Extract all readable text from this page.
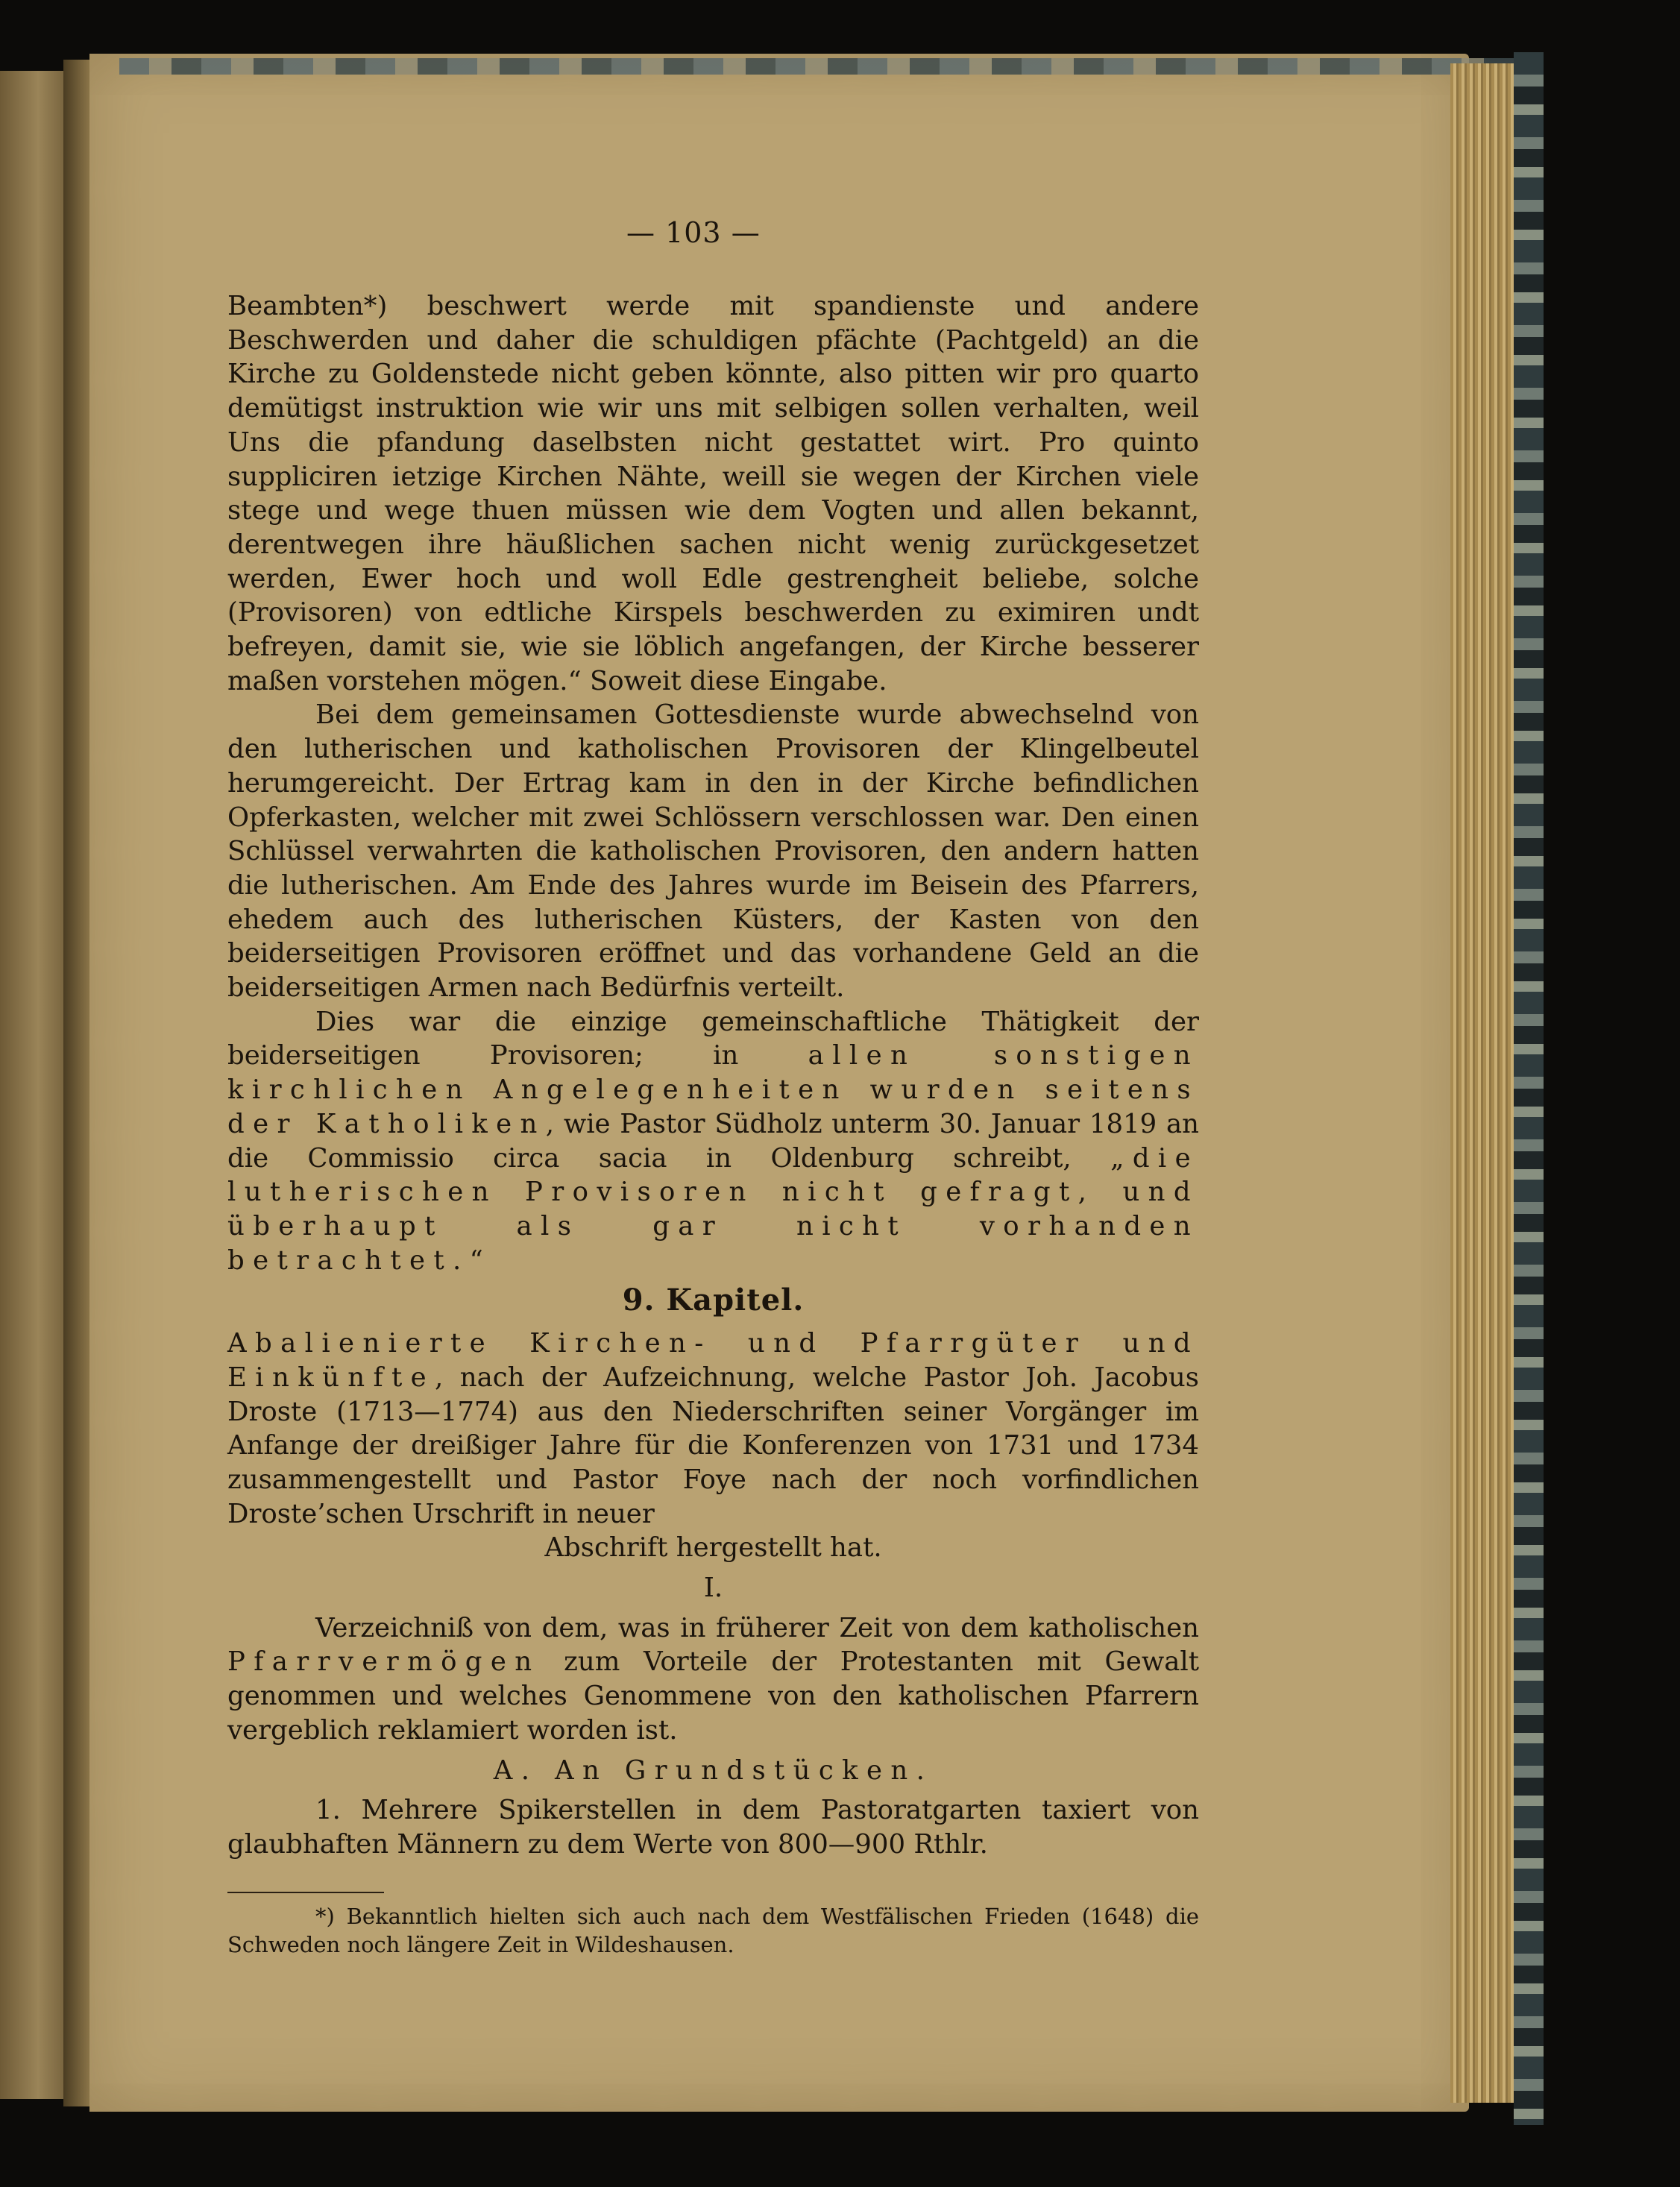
— 103 —

Beambten*) beschwert werde mit spandienste und andere Beschwerden und daher die schuldigen pfächte (Pachtgeld) an die Kirche zu Goldenstede nicht geben könnte, also pitten wir pro quarto demütigst instruktion wie wir uns mit selbigen sollen verhalten, weil Uns die pfandung daselbsten nicht gestattet wirt. Pro quinto supplici̇ren ietzige Kirchen Nähte, weill sie wegen der Kirchen viele stege und wege thuen müssen wie dem Vogten und allen bekannt, derentwegen ihre häußlichen sachen nicht wenig zurückgesetzet werden, Ewer hoch und woll Edle gestrengheit beliebe, solche (Provisoren) von edtliche Kirspels beschwerden zu eximiren undt befreyen, damit sie, wie sie löblich angefangen, der Kirche besserer maßen vorstehen mögen.“ Soweit diese Eingabe.

Bei dem gemeinsamen Gottesdienste wurde abwechselnd von den lutherischen und katholischen Provisoren der Klingelbeutel herumgereicht. Der Ertrag kam in den in der Kirche befindlichen Opferkasten, welcher mit zwei Schlössern verschlossen war. Den einen Schlüssel verwahrten die katholischen Provisoren, den andern hatten die lutherischen. Am Ende des Jahres wurde im Beisein des Pfarrers, ehedem auch des lutherischen Küsters, der Kasten von den beiderseitigen Provisoren eröffnet und das vorhandene Geld an die beiderseitigen Armen nach Bedürfnis verteilt.

Dies war die einzige gemeinschaftliche Thätigkeit der beiderseitigen Provisoren; in allen sonstigen kirchlichen Angelegenheiten wurden seitens der Katholiken, wie Pastor Südholz unterm 30. Januar 1819 an die Commissio circa sacia in Oldenburg schreibt, „die lutherischen Provisoren nicht gefragt, und überhaupt als gar nicht vorhanden betrachtet.“

9. Kapitel.

Abalienierte Kirchen- und Pfarrgüter und Einkünfte, nach der Aufzeichnung, welche Pastor Joh. Jacobus Droste (1713—1774) aus den Niederschriften seiner Vorgänger im Anfange der dreißiger Jahre für die Konferenzen von 1731 und 1734 zusammengestellt und Pastor Foye nach der noch vorfindlichen Droste’schen Urschrift in neuer

Abschrift hergestellt hat.

I.

Verzeichniß von dem, was in früherer Zeit von dem katholischen Pfarrvermögen zum Vorteile der Protestanten mit Gewalt genommen und welches Genommene von den katholischen Pfarrern vergeblich reklamiert worden ist.

A. An Grundstücken.

1. Mehrere Spikerstellen in dem Pastoratgarten taxiert von glaubhaften Männern zu dem Werte von 800—900 Rthlr.

*) Bekanntlich hielten sich auch nach dem Westfälischen Frieden (1648) die Schweden noch längere Zeit in Wildeshausen.
